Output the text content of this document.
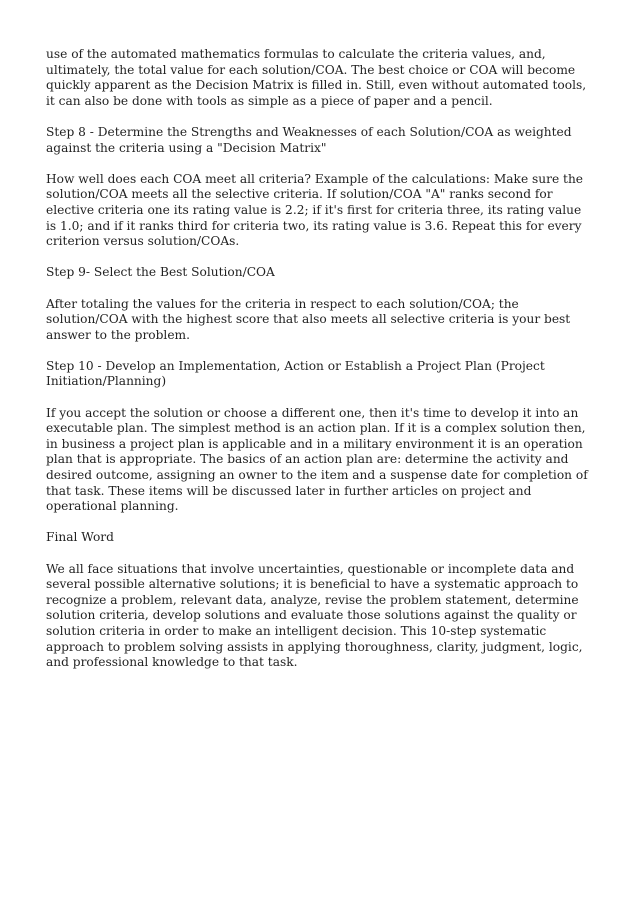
use of the automated mathematics formulas to calculate the criteria values, and, ultimately, the total value for each solution/COA. The best choice or COA will become quickly apparent as the Decision Matrix is filled in. Still, even without automated tools, it can also be done with tools as simple as a piece of paper and a pencil.

Step 8 - Determine the Strengths and Weaknesses of each Solution/COA as weighted against the criteria using a "Decision Matrix"

How well does each COA meet all criteria? Example of the calculations: Make sure the solution/COA meets all the selective criteria. If solution/COA "A" ranks second for elective criteria one its rating value is 2.2; if it's first for criteria three, its rating value is 1.0; and if it ranks third for criteria two, its rating value is 3.6. Repeat this for every criterion versus solution/COAs.

Step 9- Select the Best Solution/COA

After totaling the values for the criteria in respect to each solution/COA; the solution/COA with the highest score that also meets all selective criteria is your best answer to the problem.

Step 10 - Develop an Implementation, Action or Establish a Project Plan (Project Initiation/Planning)

If you accept the solution or choose a different one, then it's time to develop it into an executable plan. The simplest method is an action plan. If it is a complex solution then, in business a project plan is applicable and in a military environment it is an operation plan that is appropriate. The basics of an action plan are: determine the activity and desired outcome, assigning an owner to the item and a suspense date for completion of that task. These items will be discussed later in further articles on project and operational planning.

Final Word

We all face situations that involve uncertainties, questionable or incomplete data and several possible alternative solutions; it is beneficial to have a systematic approach to recognize a problem, relevant data, analyze, revise the problem statement, determine solution criteria, develop solutions and evaluate those solutions against the quality or solution criteria in order to make an intelligent decision. This 10-step systematic approach to problem solving assists in applying thoroughness, clarity, judgment, logic, and professional knowledge to that task.
